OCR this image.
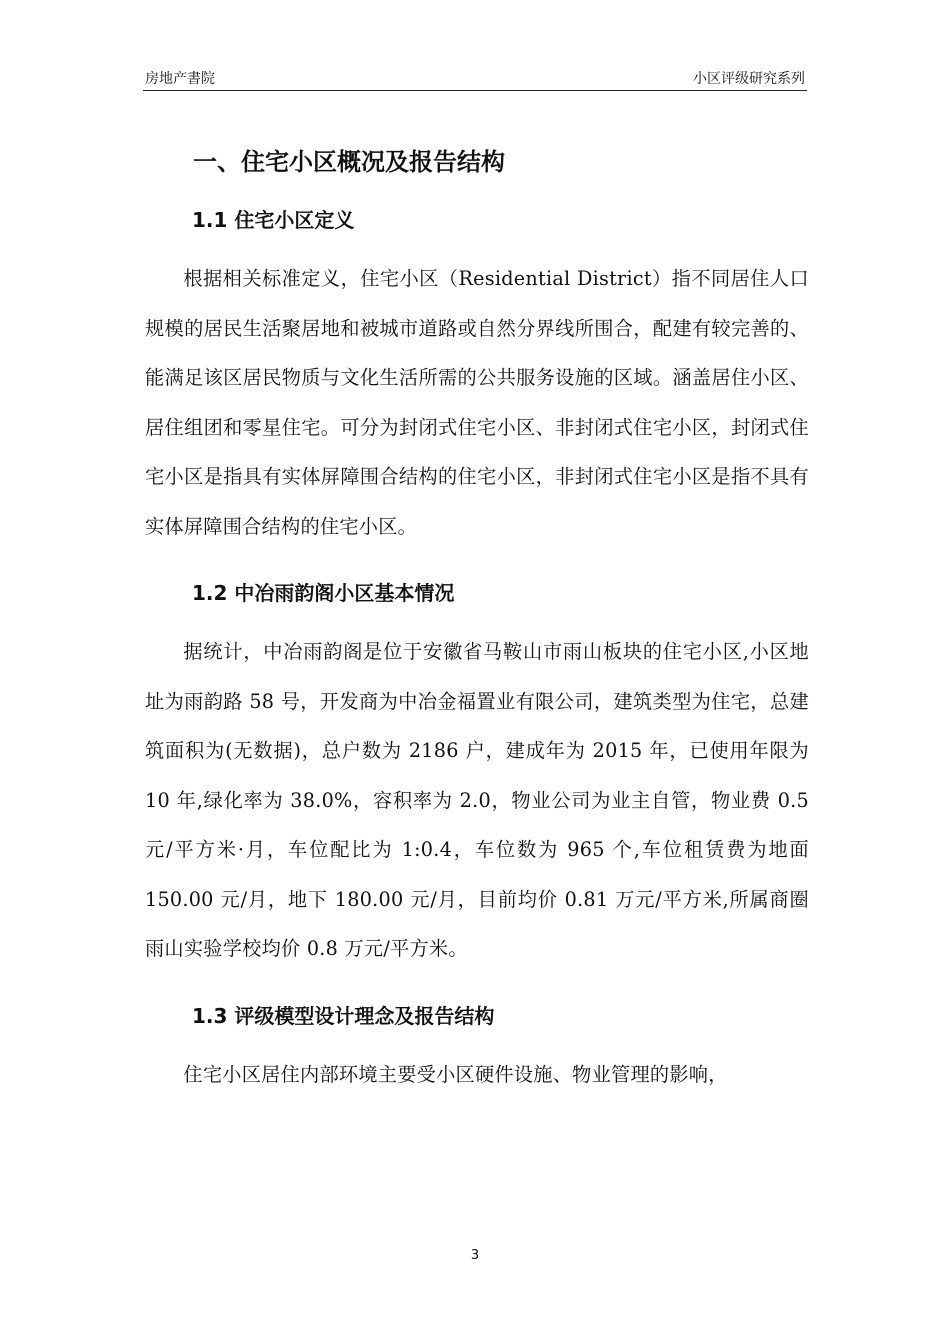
房地产書院	小区评级研究系列
一、住宅小区概况及报告结构
1.1 住宅小区定义

根据相关标准定义，住宅小区（Residential District）指不同居住人口规模的居民生活聚居地和被城市道路或自然分界线所围合，配建有较完善的、能满足该区居民物质与文化生活所需的公共服务设施的区域。涵盖居住小区、居住组团和零星住宅。可分为封闭式住宅小区、非封闭式住宅小区，封闭式住宅小区是指具有实体屏障围合结构的住宅小区，非封闭式住宅小区是指不具有实体屏障围合结构的住宅小区。

1.2 中冶雨韵阁小区基本情况

据统计，中冶雨韵阁是位于安徽省马鞍山市雨山板块的住宅小区,小区地址为雨韵路 58 号，开发商为中冶金福置业有限公司，建筑类型为住宅，总建筑面积为(无数据)，总户数为 2186 户，建成年为 2015 年，已使用年限为 10 年,绿化率为 38.0%，容积率为 2.0，物业公司为业主自管，物业费 0.5 元/平方米·月，车位配比为 1:0.4，车位数为 965 个,车位租赁费为地面 150.00 元/月，地下 180.00 元/月，目前均价 0.81 万元/平方米,所属商圈雨山实验学校均价 0.8 万元/平方米。

1.3 评级模型设计理念及报告结构

住宅小区居住内部环境主要受小区硬件设施、物业管理的影响，

3
